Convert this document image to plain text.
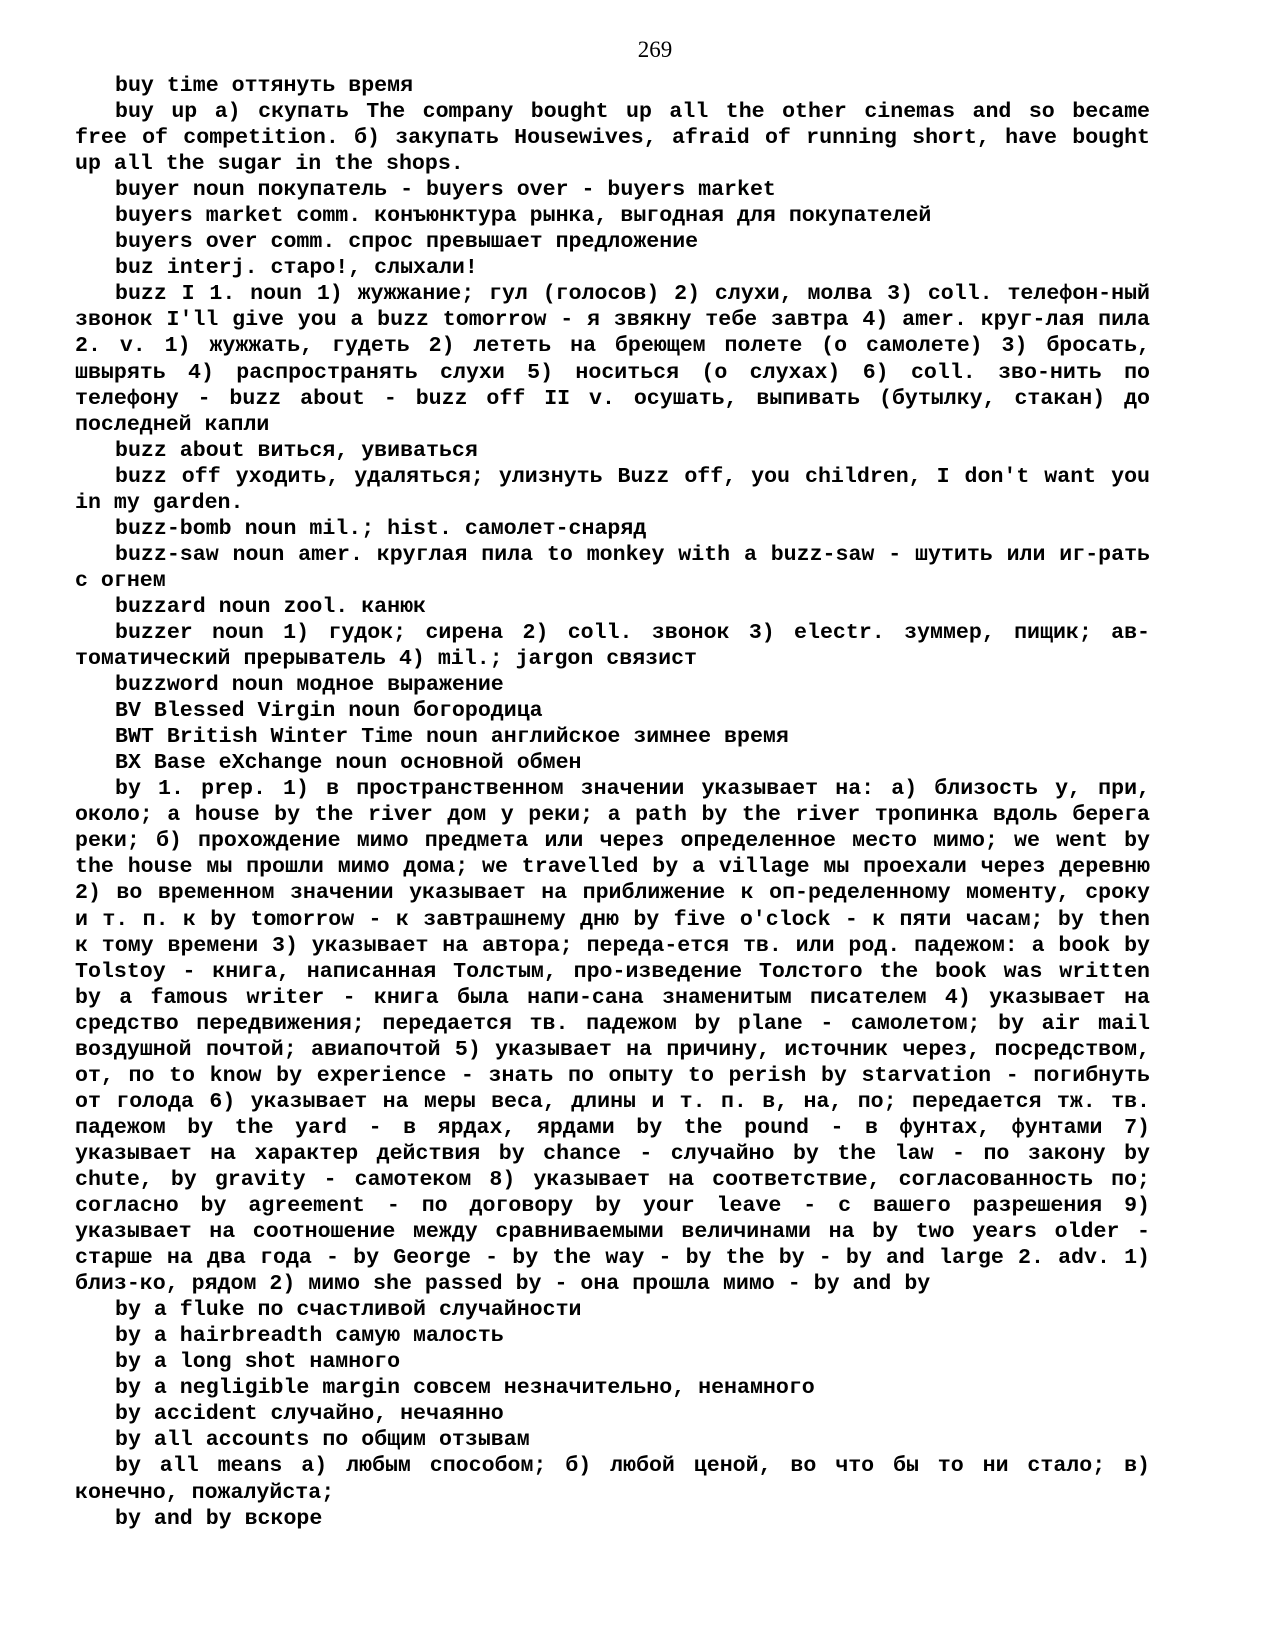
269

buy time оттянуть время

buy up а) скупать The company bought up all the other cinemas and so became free of competition. б) закупать Housewives, afraid of running short, have bought up all the sugar in the shops.

buyer noun покупатель - buyers over - buyers market

buyers market comm. конъюнктура рынка, выгодная для покупателей

buyers over comm. спрос превышает предложение

buz interj. старо!, слыхали!

buzz I 1. noun 1) жужжание; гул (голосов) 2) слухи, молва 3) coll. телефон-ный звонок I'll give you a buzz tomorrow - я звякну тебе завтра 4) amer. круг-лая пила 2. v. 1) жужжать, гудеть 2) лететь на бреющем полете (о самолете) 3) бросать, швырять 4) распространять слухи 5) носиться (о слухах) 6) coll. зво-нить по телефону - buzz about - buzz off II v. осушать, выпивать (бутылку, стакан) до последней капли

buzz about виться, увиваться

buzz off уходить, удаляться; улизнуть Buzz off, you children, I don't want you in my garden.

buzz-bomb noun mil.; hist. самолет-снаряд

buzz-saw noun amer. круглая пила to monkey with a buzz-saw - шутить или иг-рать с огнем

buzzard noun zool. канюк

buzzer noun 1) гудок; сирена 2) coll. звонок 3) electr. зуммер, пищик; ав-томатический прерыватель 4) mil.; jargon связист

buzzword noun модное выражение

BV Blessed Virgin noun богородица

BWT British Winter Time noun английское зимнее время

BX Base eXchange noun основной обмен

by 1. prep. 1) в пространственном значении указывает на: а) близость у, при, около; a house by the river дом у реки; a path by the river тропинка вдоль берега реки; б) прохождение мимо предмета или через определенное место мимо; we went by the house мы прошли мимо дома; we travelled by a village мы проехали через деревню 2) во временном значении указывает на приближение к оп-ределенному моменту, сроку и т. п. к by tomorrow - к завтрашнему дню by five o'clock - к пяти часам; by then к тому времени 3) указывает на автора; переда-ется тв. или род. падежом: a book by Tolstoy - книга, написанная Толстым, про-изведение Толстого the book was written by a famous writer - книга была напи-сана знаменитым писателем 4) указывает на средство передвижения; передается тв. падежом by plane - самолетом; by air mail воздушной почтой; авиапочтой 5) указывает на причину, источник через, посредством, от, по to know by experience - знать по опыту to perish by starvation - погибнуть от голода 6) указывает на меры веса, длины и т. п. в, на, по; передается тж. тв. падежом by the yard - в ярдах, ярдами by the pound - в фунтах, фунтами 7) указывает на характер действия by chance - случайно by the law - по закону by chute, by gravity - самотеком 8) указывает на соответствие, согласованность по; согласно by agreement - по договору by your leave - с вашего разрешения 9) указывает на соотношение между сравниваемыми величинами на by two years older - старше на два года - by George - by the way - by the by - by and large 2. adv. 1) близ-ко, рядом 2) мимо she passed by - она прошла мимо - by and by

by a fluke по счастливой случайности

by a hairbreadth самую малость

by a long shot намного

by a negligible margin совсем незначительно, ненамного

by accident случайно, нечаянно

by all accounts по общим отзывам

by all means а) любым способом; б) любой ценой, во что бы то ни стало; в) конечно, пожалуйста;

by and by вскоре
